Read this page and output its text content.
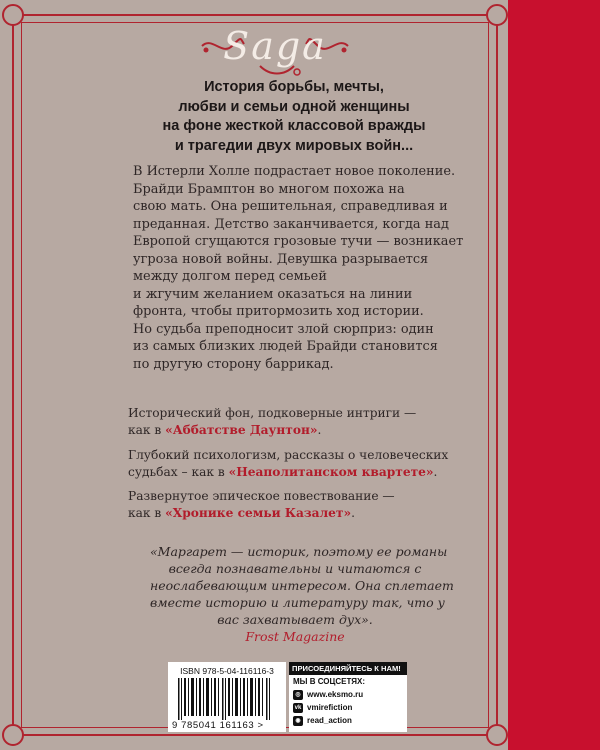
Saga
История борьбы, мечты,
любви и семьи одной женщины
на фоне жесткой классовой вражды
и трагедии двух мировых войн...
В Истерли Холле подрастает новое поколение.
Брайди Брамптон во многом похожа на
свою мать. Она решительная, справедливая и
преданная. Детство заканчивается, когда над
Европой сгущаются грозовые тучи — возникает
угроза новой войны. Девушка разрывается
между долгом перед семьей
и жгучим желанием оказаться на линии
фронта, чтобы притормозить ход истории.
Но судьба преподносит злой сюрприз: один
из самых близких людей Брайди становится
по другую сторону баррикад.
Исторический фон, подковерные интриги —
как в «Аббатстве Даунтон».
Глубокий психологизм, рассказы о человеческих
судьбах – как в «Неаполитанском квартете».
Развернутое эпическое повествование —
как в «Хронике семьи Казалет».
«Маргарет — историк, поэтому ее романы
всегда познавательны и читаются с
неослабевающим интересом. Она сплетает
вместе историю и литературу так, что у
вас захватывает дух».
Frost Magazine
ISBN 978-5-04-116116-3
9 785041 161163 >
ПРИСОЕДИНЯЙТЕСЬ К НАМ!
МЫ В СОЦСЕТЯХ:
◎ www.eksmo.ru
vk vmirefiction
◉ read_action
